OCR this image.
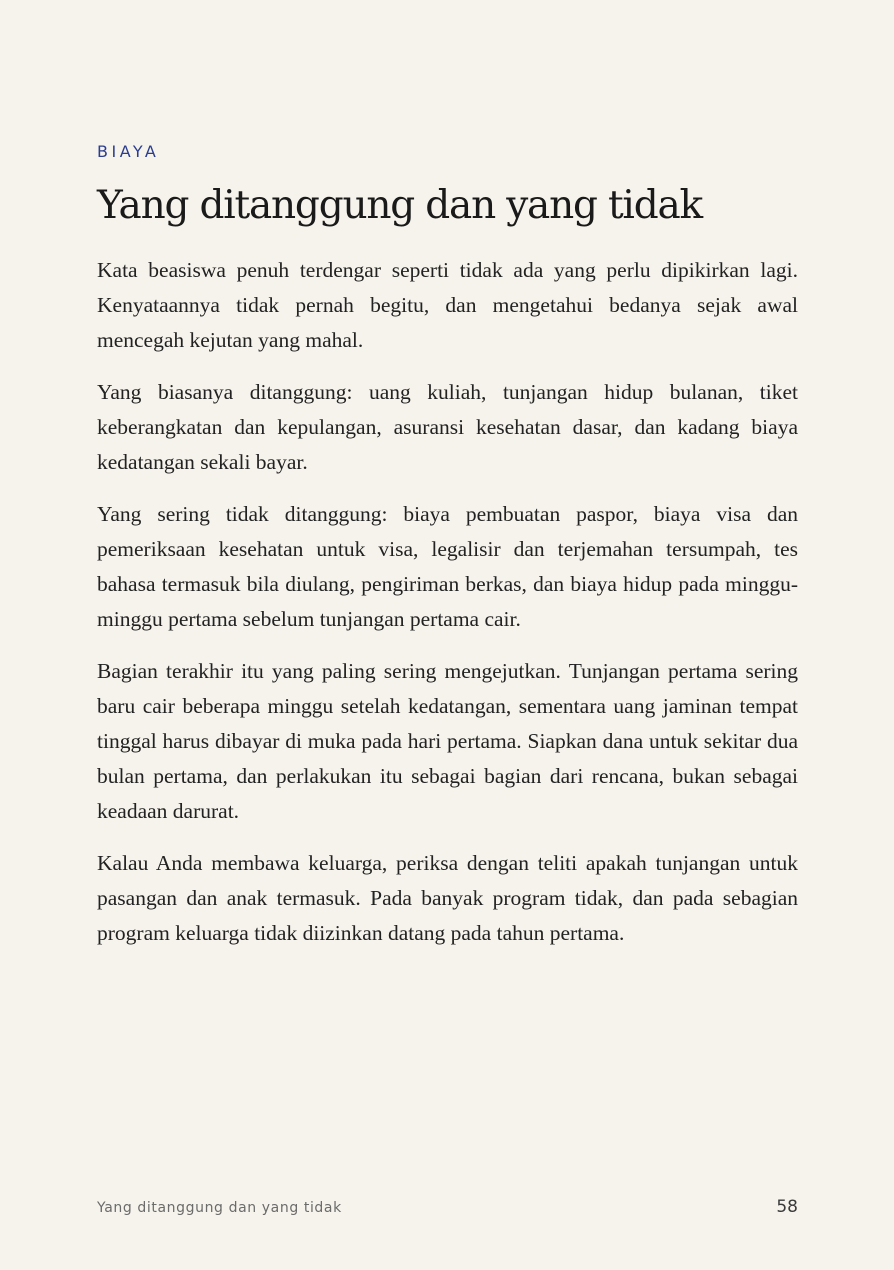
BIAYA
Yang ditanggung dan yang tidak

Kata beasiswa penuh terdengar seperti tidak ada yang perlu dipikirkan lagi. Kenyataannya tidak pernah begitu, dan mengetahui bedanya sejak awal mencegah kejutan yang mahal.

Yang biasanya ditanggung: uang kuliah, tunjangan hidup bulanan, tiket keberangkatan dan kepulangan, asuransi kesehatan dasar, dan kadang biaya kedatangan sekali bayar.

Yang sering tidak ditanggung: biaya pembuatan paspor, biaya visa dan pemeriksaan kesehatan untuk visa, legalisir dan terjemahan tersumpah, tes bahasa termasuk bila diulang, pengiriman berkas, dan biaya hidup pada minggu-minggu pertama sebelum tunjangan pertama cair.

Bagian terakhir itu yang paling sering mengejutkan. Tunjangan pertama sering baru cair beberapa minggu setelah kedatangan, sementara uang jaminan tempat tinggal harus dibayar di muka pada hari pertama. Siapkan dana untuk sekitar dua bulan pertama, dan perlakukan itu sebagai bagian dari rencana, bukan sebagai keadaan darurat.

Kalau Anda membawa keluarga, periksa dengan teliti apakah tunjangan untuk pasangan dan anak termasuk. Pada banyak program tidak, dan pada sebagian program keluarga tidak diizinkan datang pada tahun pertama.

Yang ditanggung dan yang tidak	58
